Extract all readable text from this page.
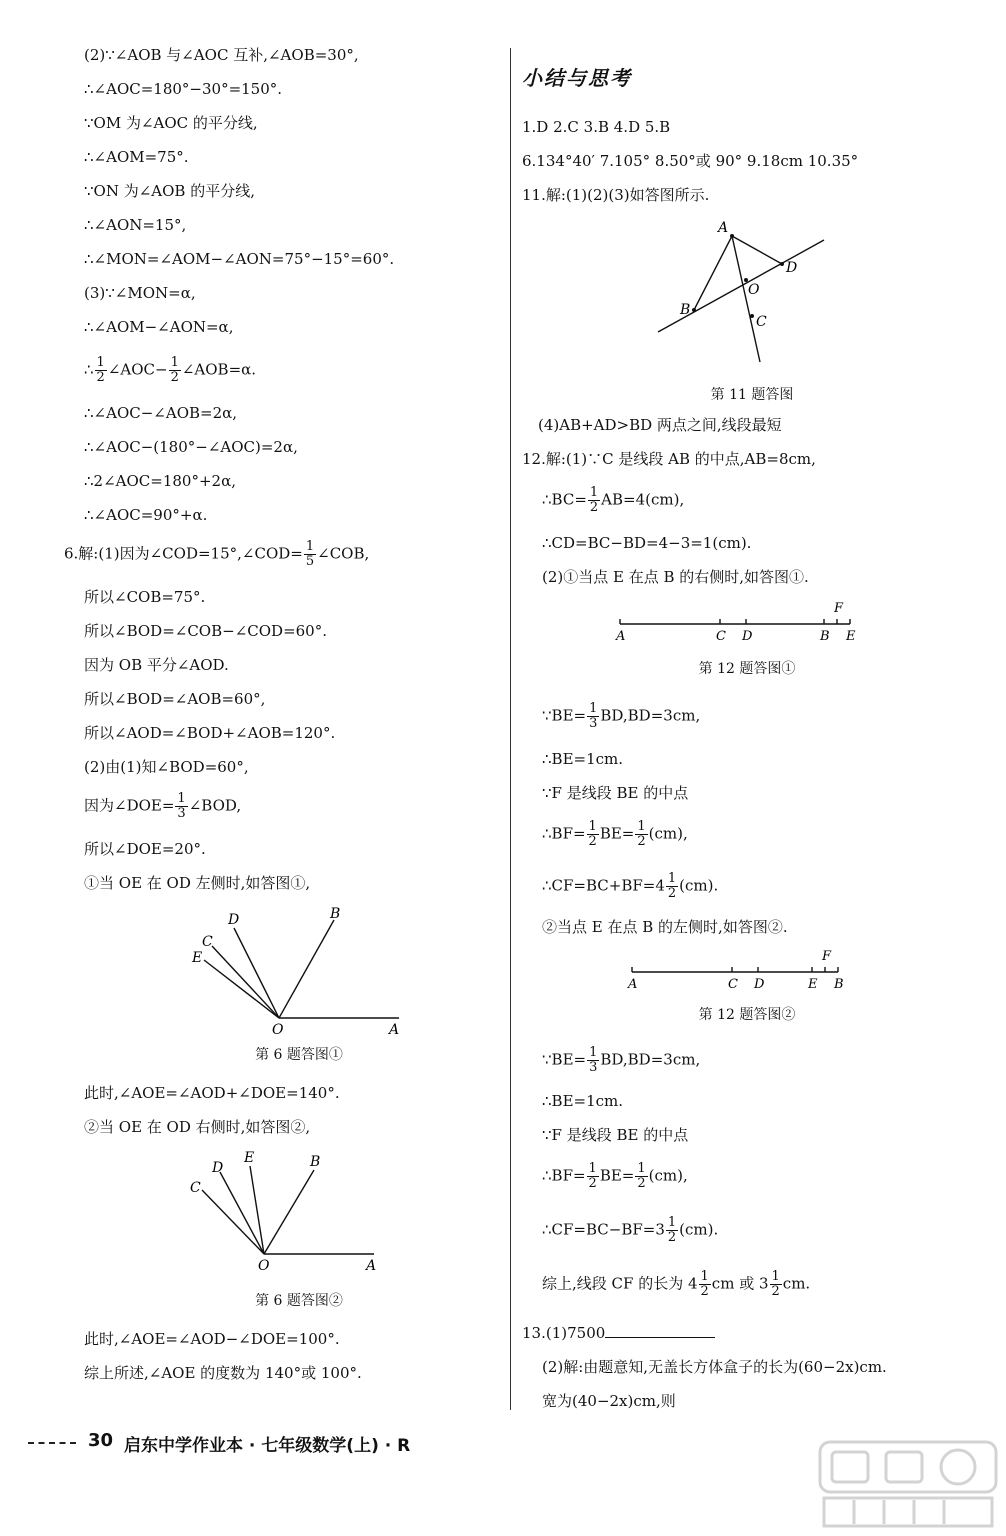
(2)∵∠AOB 与∠AOC 互补,∠AOB=30°,
∴∠AOC=180°−30°=150°.
∵OM 为∠AOC 的平分线,
∴∠AOM=75°.
∵ON 为∠AOB 的平分线,
∴∠AON=15°,
∴∠MON=∠AOM−∠AON=75°−15°=60°.
(3)∵∠MON=α,
∴∠AOM−∠AON=α,
∴ $\frac{1}{2}$ ∠AOC− $\frac{1}{2}$ ∠AOB=α.
∴∠AOC−∠AOB=2α,
∴∠AOC−(180°−∠AOC)=2α,
∴2∠AOC=180°+2α,
∴∠AOC=90°+α.
6.解:(1)因为∠COD=15°,∠COD= $\frac{1}{5}$ ∠COB,
所以∠COB=75°.
所以∠BOD=∠COB−∠COD=60°.
因为 OB 平分∠AOD.
所以∠BOD=∠AOB=60°,
所以∠AOD=∠BOD+∠AOB=120°.
(2)由(1)知∠BOD=60°,
因为∠DOE= $\frac{1}{3}$ ∠BOD,
所以∠DOE=20°.
①当 OE 在 OD 左侧时,如答图①,
B
D
C
E
O	A
第 6 题答图①
此时,∠AOE=∠AOD+∠DOE=140°.
②当 OE 在 OD 右侧时,如答图②,
E
D	B
C
O	A
第 6 题答图②
此时,∠AOE=∠AOD−∠DOE=100°.
综上所述,∠AOE 的度数为 140°或 100°.
小结与思考
1.D 2.C 3.B 4.D 5.B
6.134°40′ 7.105° 8.50°或 90° 9.18cm 10.35°
11.解:(1)(2)(3)如答图所示.
A
D
O
B
C
第 11 题答图
(4)AB+AD>BD 两点之间,线段最短
12.解:(1)∵C 是线段 AB 的中点,AB=8cm,
∴BC= $\frac{1}{2} AB=4(cm)$,
∴CD=BC−BD=4−3=1(cm).
(2)①当点 E 在点 B 的右侧时,如答图①.
A	C D	B E
F
第 12 题答图①
∵BE= $\frac{1}{3} BD,BD=3cm$,
∴BE=1cm.
∵F 是线段 BE 的中点
∴BF= $\frac{1}{2} BE= \frac{1}{2} (cm)$,
∴CF=BC+BF=4 $\frac{1}{2} (cm)$.
②当点 E 在点 B 的左侧时,如答图②.
A	C D	E B
F
第 12 题答图②
∵BE= $\frac{1}{3} BD,BD=3cm$,
∴BE=1cm.
∵F 是线段 BE 的中点
∴BF= $\frac{1}{2} BE= \frac{1}{2} (cm)$,
∴CF=BC−BF=3 $\frac{1}{2} (cm)$.
综上,线段 CF 的长为 $4 \frac{1}{2}$ cm 或 $3 \frac{1}{2}$ cm.
13.(1)7500
(2)解:由题意知,无盖长方体盒子的长为(60−2x)cm.
宽为(40−2x)cm,则
30 启东中学作业本 · 七年级数学(上) · R
